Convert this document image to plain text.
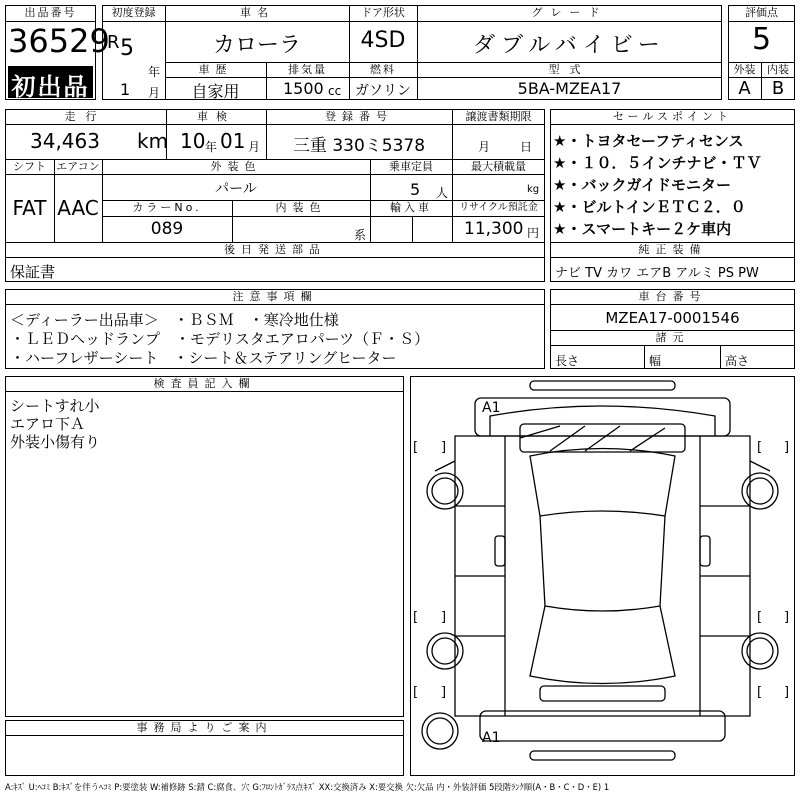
出品番号
36529
初出品
初度登録
R 5
年
1 月
車名
カローラ
ドア形状
4SD
グレード
ダブルバイビー
車歴
自家用
排気量
1500 cc
燃料
ガソリン
型式
5BA-MZEA17
評価点
5
外装	内装
A	B
走行
34,463 km
車検
10 年 01 月
登録番号
三重 330ミ5378
譲渡書類期限
月 日
シフト
FAT
エアコン
AAC
外装色
パール
乗車定員
5 人
最大積載量
kg
カラーNo.
089
内装色
系
輸入車	リサイクル預託金
11,300 円
後日発送部品
保証書
セールスポイント
★・トヨタセーフティセンス
★・１０．５インチナビ・ＴＶ
★・バックガイドモニター
★・ビルトインＥＴＣ２．０
★・スマートキー２ケ車内
純正装備
ナビ TV カワ エアB アルミ PS PW
注意事項欄
＜ディーラー出品車＞　・ＢＳＭ　・寒冷地仕様
・ＬＥＤヘッドランプ　・モデリスタエアロパーツ（Ｆ・Ｓ）
・ハーフレザーシート　・シート＆ステアリングヒーター
車台番号
MZEA17-0001546
諸元
長さ	幅	高さ
検査員記入欄
シートすれ小
エアロ下Ａ
外装小傷有り
事務局よりご案内
A1
A1
[ ]	[ ]
[ ]	[ ]
[ ]	[ ]
A:ｷｽﾞ U:ﾍｺﾐ B:ｷｽﾞを伴うﾍｺﾐ P:要塗装 W:補修跡 S:錆 C:腐食、穴 G:ﾌﾛﾝﾄｶﾞﾗｽ点ｷｽﾞ XX:交換済み X:要交換 欠:欠品 内・外装評価 5段階ﾗﾝｸ順(A・B・C・D・E) 1
